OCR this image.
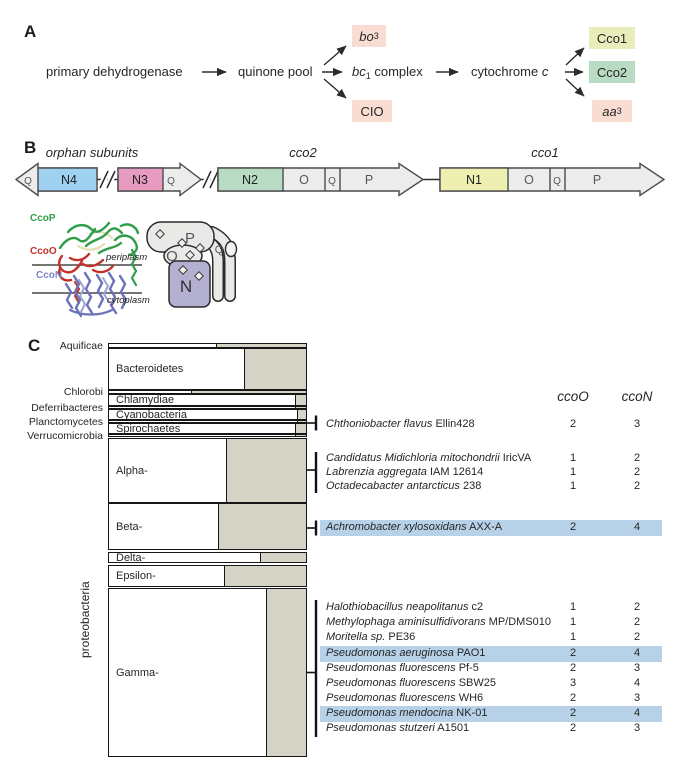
Q N4	N3 Q	N2	O Q P	N1	O Q	P
P
O
N
Q
A
primary dehydrogenase	quinone pool
bo 3
$bc_1$ complex
CIO
cytochrome c
Cco1
Cco2
aa 3
B orphan subunits	cco2	cco1
CcoP
CcoO
CcoN
periplasm
cytoplasm
C
proteobacteria
ccoO	ccoN
Bacteroidetes
Chlamydiae
Cyanobacteria
Spirochaetes
Alpha-
Beta-
Delta-
Epsilon-
Gamma-
Chthoniobacter flavus Ellin428	2	3
Candidatus Midichloria mitochondrii IricVA	1	2
Labrenzia aggregata IAM 12614	1	2
Octadecabacter antarcticus 238	1	2
Achromobacter xylosoxidans AXX-A	2	4
Halothiobacillus neapolitanus c2	1	2
Methylophaga aminisulfidivorans MP/DMS010	1	2
Moritella sp. PE36	1	2
Pseudomonas aeruginosa PAO1	2	4
Pseudomonas fluorescens Pf-5	2	3
Pseudomonas fluorescens SBW25	3	4
Pseudomonas fluorescens WH6	2	3
Pseudomonas mendocina NK-01	2	4
Pseudomonas stutzeri A1501	2	3
Aquificae
Chlorobi
Deferribacteres
Planctomycetes
Verrucomicrobia
